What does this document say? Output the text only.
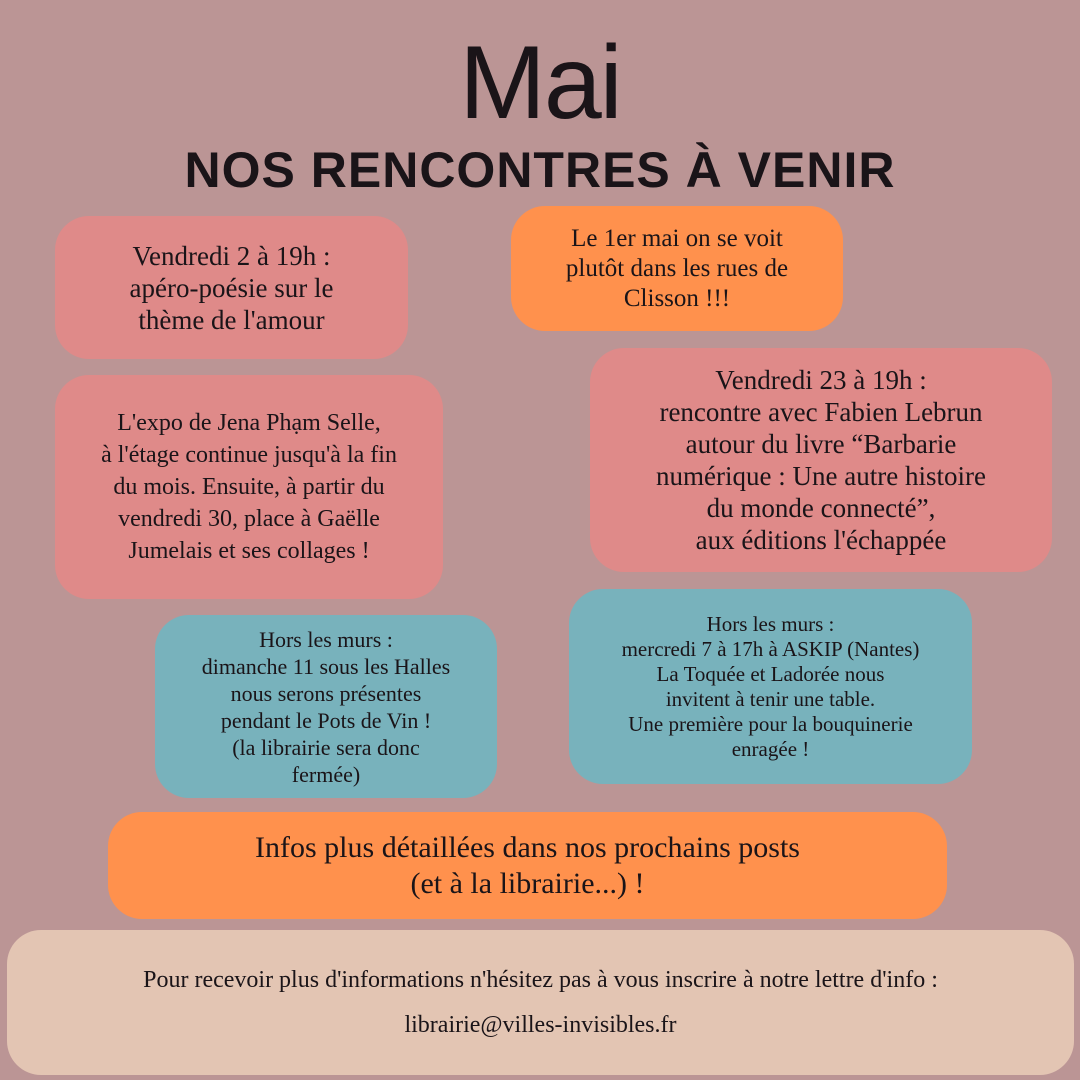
Mai
NOS RENCONTRES À VENIR
Vendredi 2 à 19h :
apéro-poésie sur le
thème de l'amour
Le 1er mai on se voit
plutôt dans les rues de
Clisson !!!
L'expo de Jena Phạm Selle,
à l'étage continue jusqu'à la fin
du mois. Ensuite, à partir du
vendredi 30, place à Gaëlle
Jumelais et ses collages !
Vendredi 23 à 19h :
rencontre avec Fabien Lebrun
autour du livre “Barbarie
numérique : Une autre histoire
du monde connecté”,
aux éditions l'échappée
Hors les murs :
dimanche 11 sous les Halles
nous serons présentes
pendant le Pots de Vin !
(la librairie sera donc
fermée)
Hors les murs :
mercredi 7 à 17h à ASKIP (Nantes)
La Toquée et Ladorée nous
invitent à tenir une table.
Une première pour la bouquinerie
enragée !
Infos plus détaillées dans nos prochains posts
(et à la librairie...) !
Pour recevoir plus d'informations n'hésitez pas à vous inscrire à notre lettre d'info :
librairie@villes-invisibles.fr
